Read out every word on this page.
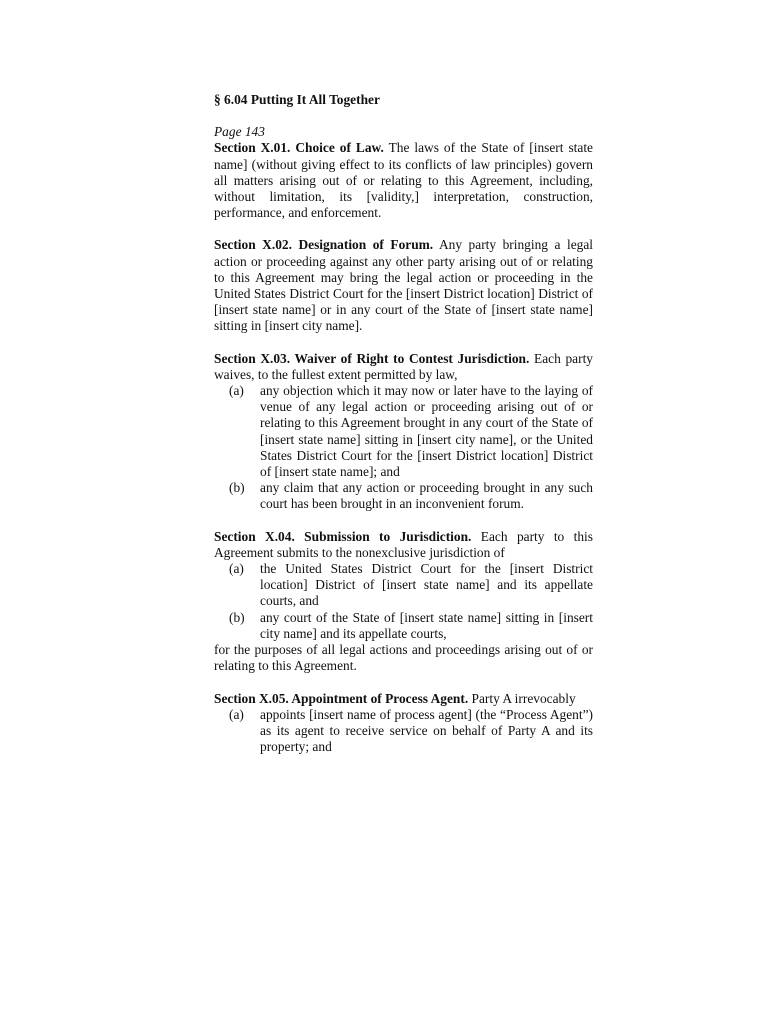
§ 6.04 Putting It All Together

Page 143

Section X.01. Choice of Law. The laws of the State of [insert state name] (without giving effect to its conflicts of law principles) govern all matters arising out of or relating to this Agreement, including, without limitation, its [validity,] interpretation, construction, performance, and enforcement.

Section X.02. Designation of Forum. Any party bringing a legal action or proceeding against any other party arising out of or relating to this Agreement may bring the legal action or proceeding in the United States District Court for the [insert District location] District of [insert state name] or in any court of the State of [insert state name] sitting in [insert city name].

Section X.03. Waiver of Right to Contest Jurisdiction. Each party waives, to the fullest extent permitted by law,

(a) any objection which it may now or later have to the laying of venue of any legal action or proceeding arising out of or relating to this Agreement brought in any court of the State of [insert state name] sitting in [insert city name], or the United States District Court for the [insert District location] District of [insert state name]; and
(b) any claim that any action or proceeding brought in any such court has been brought in an inconvenient forum.

Section X.04. Submission to Jurisdiction. Each party to this Agreement submits to the nonexclusive jurisdiction of

(a) the United States District Court for the [insert District location] District of [insert state name] and its appellate courts, and
(b) any court of the State of [insert state name] sitting in [insert city name] and its appellate courts,

for the purposes of all legal actions and proceedings arising out of or relating to this Agreement.

Section X.05. Appointment of Process Agent. Party A irrevocably

(a) appoints [insert name of process agent] (the “Process Agent”) as its agent to receive service on behalf of Party A and its property; and
